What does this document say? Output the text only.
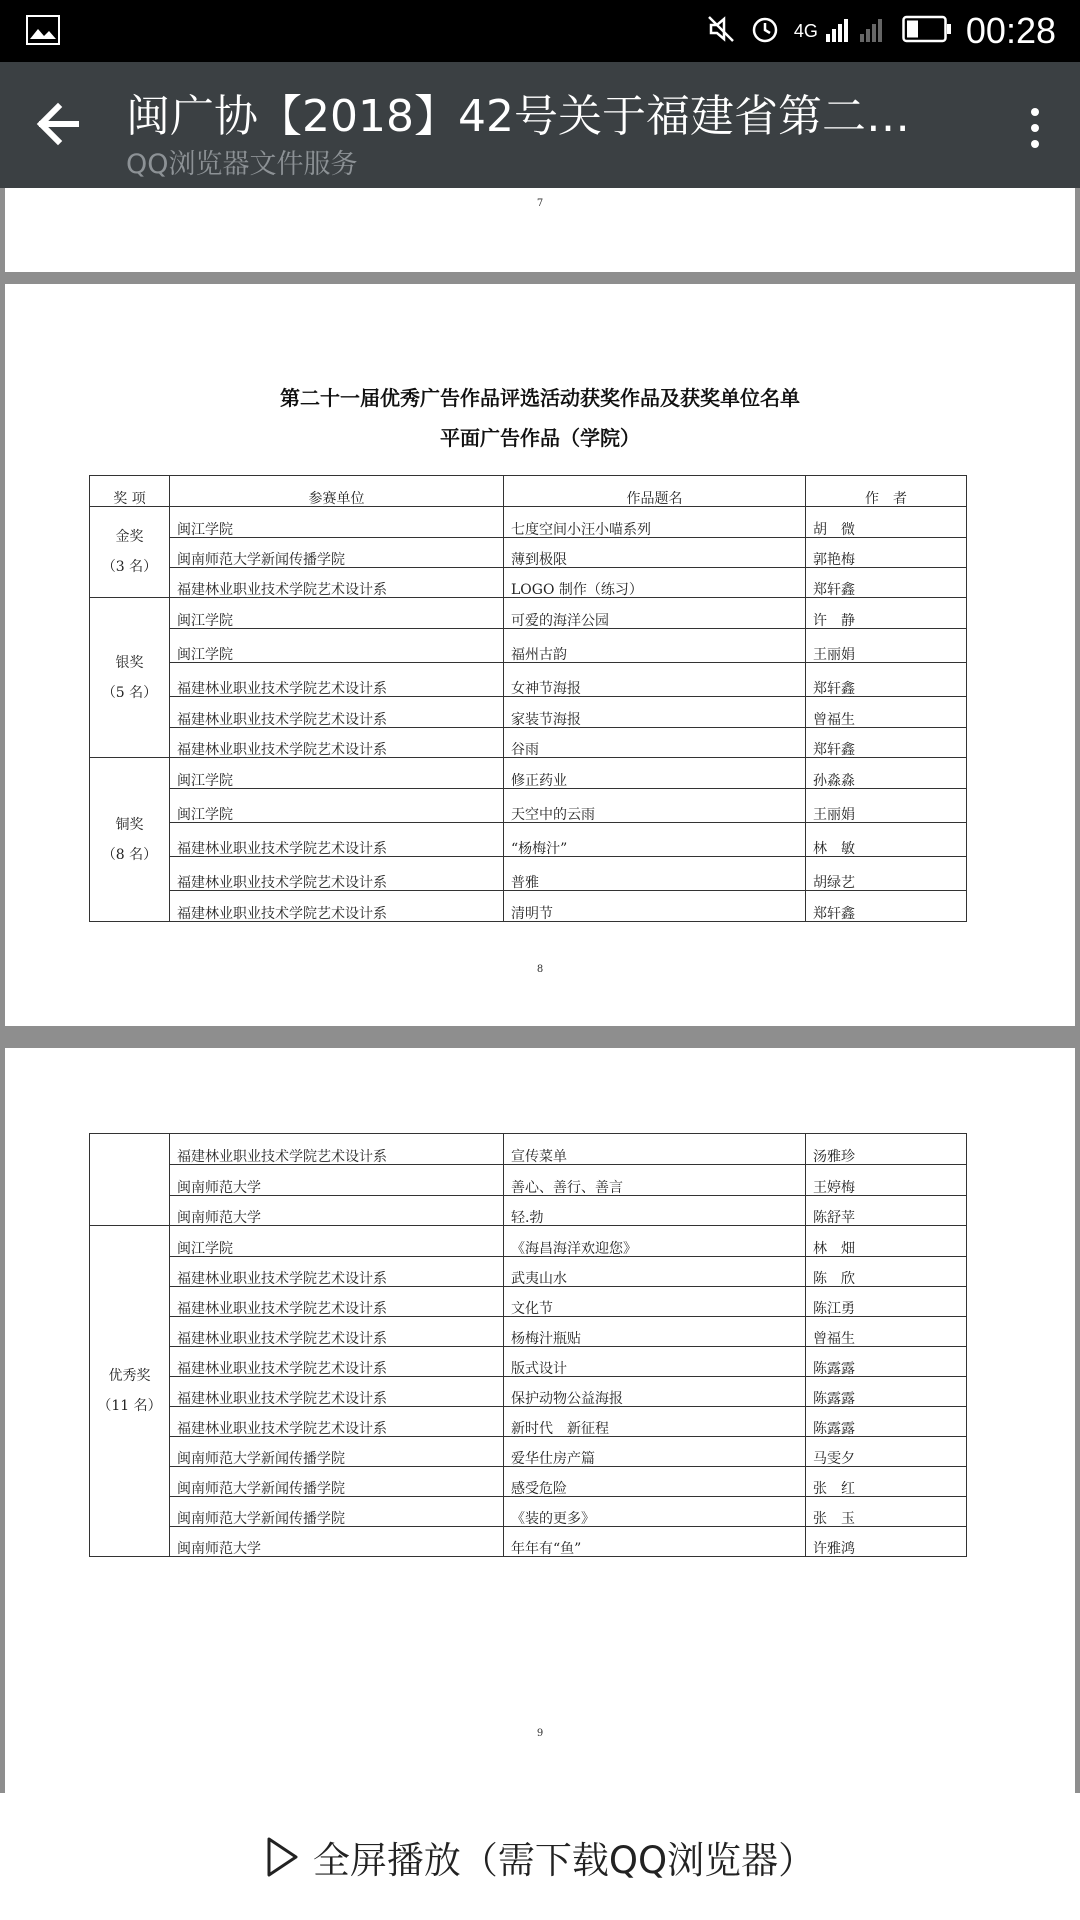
4G	00:28
闽广协【2018】42号关于福建省第二…
QQ浏览器文件服务
7
第二十一届优秀广告作品评选活动获奖作品及获奖单位名单
平面广告作品（学院）
奖 项	参赛单位	作品题名	作　者

金奖
（3 名）	闽江学院	七度空间小汪小喵系列	胡　微
	闽南师范大学新闻传播学院	薄到极限	郭艳梅
	福建林业职业技术学院艺术设计系	LOGO 制作（练习）	郑轩鑫

银奖
（5 名）	闽江学院	可爱的海洋公园	许　静
	闽江学院	福州古韵	王丽娟
	福建林业职业技术学院艺术设计系	女神节海报	郑轩鑫
	福建林业职业技术学院艺术设计系	家装节海报	曾福生
	福建林业职业技术学院艺术设计系	谷雨	郑轩鑫

铜奖
（8 名）	闽江学院	修正药业	孙淼淼
	闽江学院	天空中的云雨	王丽娟
	福建林业职业技术学院艺术设计系	“杨梅汁”	林　敏
	福建林业职业技术学院艺术设计系	普雅	胡绿艺
	福建林业职业技术学院艺术设计系	清明节	郑轩鑫
8
	福建林业职业技术学院艺术设计系	宣传菜单	汤雅珍
	闽南师范大学	善心、善行、善言	王婷梅
	闽南师范大学	轻.勃	陈舒苹

优秀奖
（11 名）	闽江学院	《海昌海洋欢迎您》	林　畑
	福建林业职业技术学院艺术设计系	武夷山水	陈　欣
	福建林业职业技术学院艺术设计系	文化节	陈江勇
	福建林业职业技术学院艺术设计系	杨梅汁瓶贴	曾福生
	福建林业职业技术学院艺术设计系	版式设计	陈露露
	福建林业职业技术学院艺术设计系	保护动物公益海报	陈露露
	福建林业职业技术学院艺术设计系	新时代　新征程	陈露露
	闽南师范大学新闻传播学院	爱华仕房产篇	马雯夕
	闽南师范大学新闻传播学院	感受危险	张　红
	闽南师范大学新闻传播学院	《装的更多》	张　玉
	闽南师范大学	年年有“鱼”	许雅鸿
9
全屏播放（需下载QQ浏览器）
